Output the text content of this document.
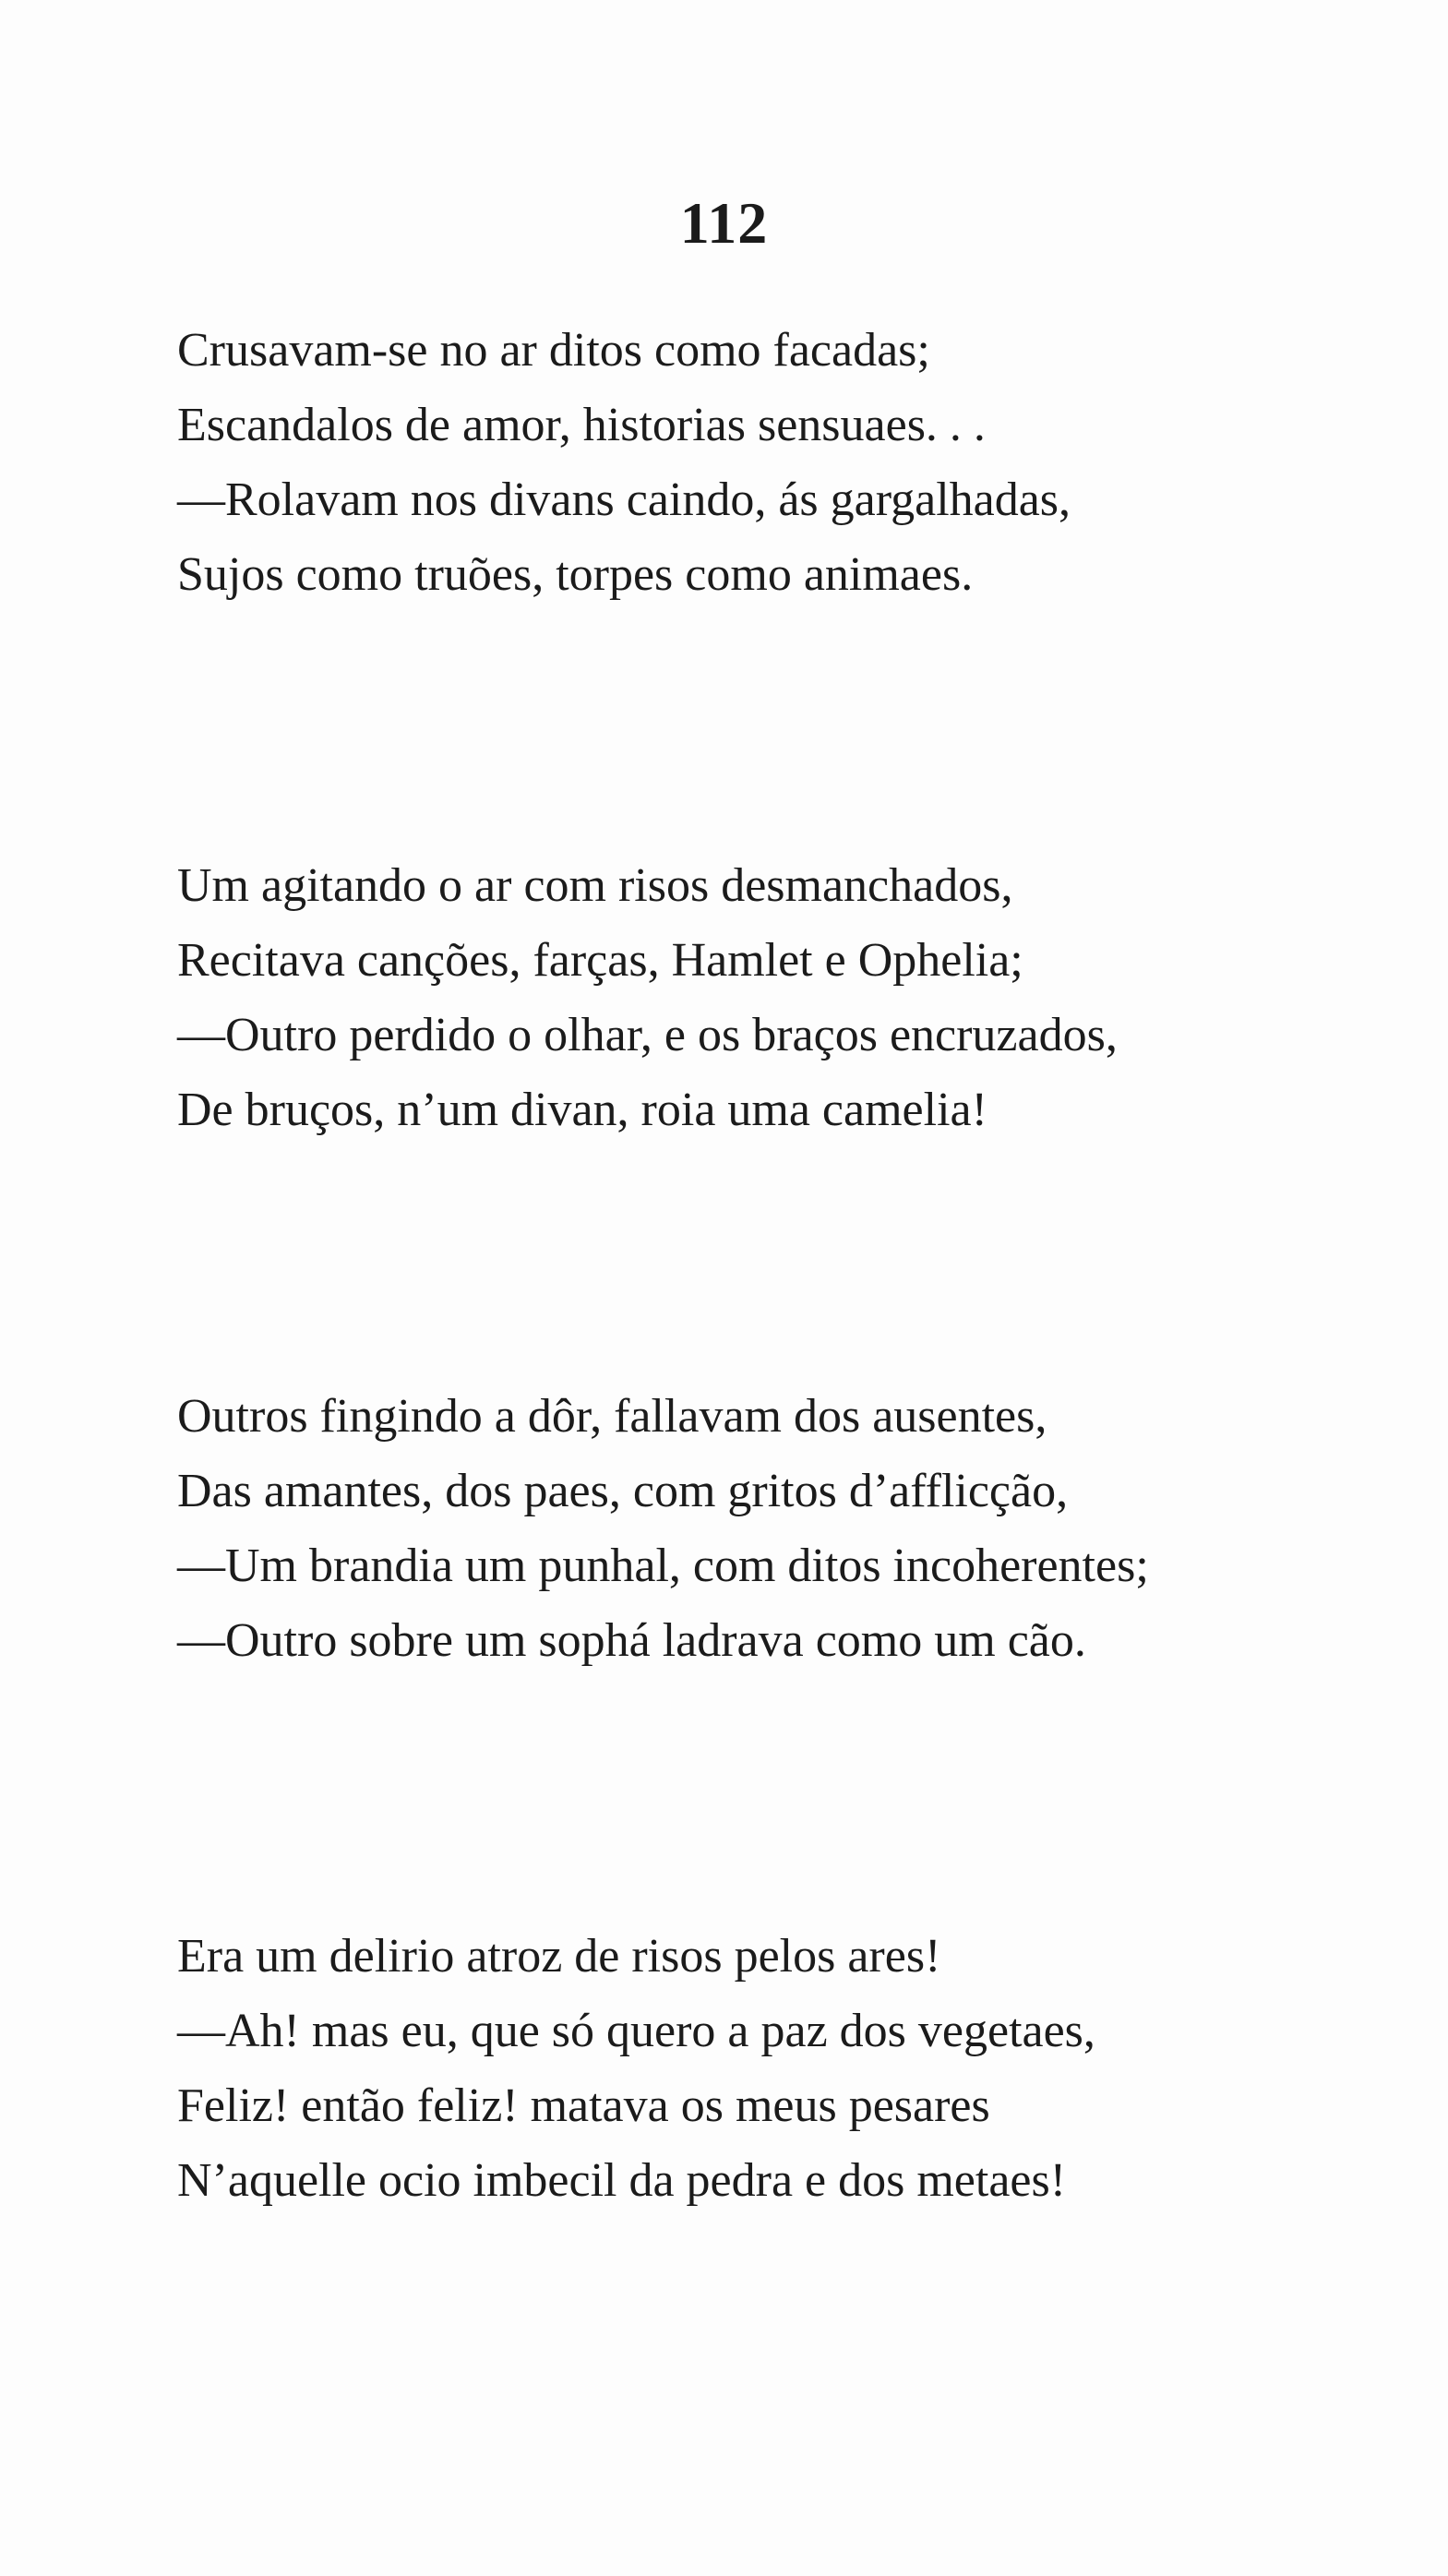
112
Crusavam-se no ar ditos como facadas;
Escandalos de amor, historias sensuaes. . .
—Rolavam nos divans caindo, ás gargalhadas,
Sujos como truões, torpes como animaes.
Um agitando o ar com risos desmanchados,
Recitava canções, farças, Hamlet e Ophelia;
—Outro perdido o olhar, e os braços encruzados,
De bruços, n’um divan, roia uma camelia!
Outros fingindo a dôr, fallavam dos ausentes,
Das amantes, dos paes, com gritos d’afflicção,
—Um brandia um punhal, com ditos incoherentes;
—Outro sobre um sophá ladrava como um cão.
Era um delirio atroz de risos pelos ares!
—Ah! mas eu, que só quero a paz dos vegetaes,
Feliz! então feliz! matava os meus pesares
N’aquelle ocio imbecil da pedra e dos metaes!
